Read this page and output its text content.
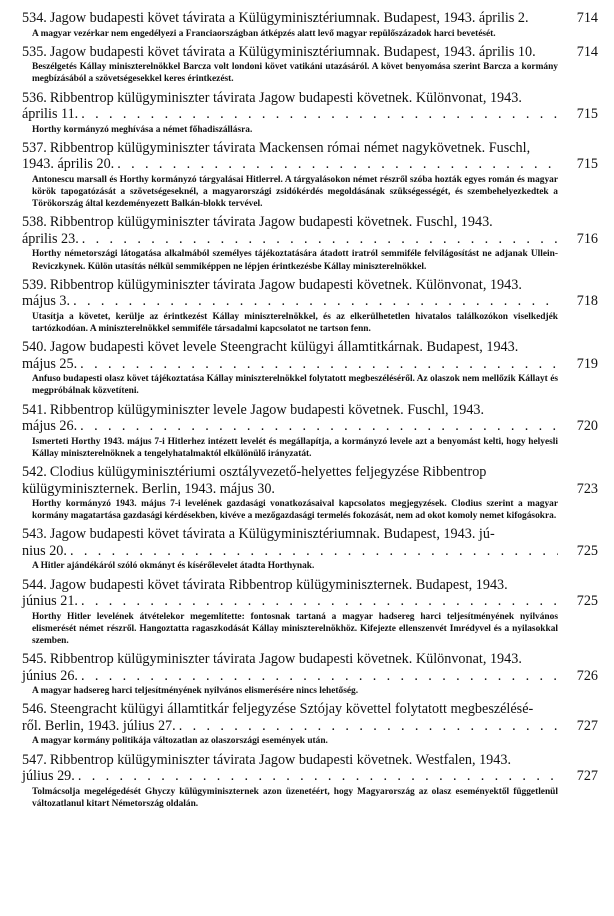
534. Jagow budapesti követ távirata a Külügyminisztériumnak. Budapest, 1943. április 2.	714
A magyar vezérkar nem engedélyezi a Franciaországban átképzés alatt levő magyar repülőszázadok harci bevetését.
535. Jagow budapesti követ távirata a Külügyminisztériumnak. Budapest, 1943. április 10.	714
Beszélgetés Kállay miniszterelnökkel Barcza volt londoni követ vatikáni utazásáról. A követ benyomása szerint Barcza a kormány megbízásából a szövetségesekkel keres érintkezést.
536. Ribbentrop külügyminiszter távirata Jagow budapesti követnek. Különvonat, 1943.
április 11. . . .	715
Horthy kormányzó meghívása a német főhadiszállásra.
537. Ribbentrop külügyminiszter távirata Mackensen római német nagykövetnek. Fuschl,
1943. április 20. . . .	715
Antonescu marsall és Horthy kormányzó tárgyalásai Hitlerrel. A tárgyalásokon német részről szóba hozták egyes román és magyar körök tapogatózását a szövetségeseknél, a magyarországi zsidókérdés megoldásának szükségességét, és szembehelyezkedtek a Törökország által kezdeményezett Balkán-blokk tervével.
538. Ribbentrop külügyminiszter távirata Jagow budapesti követnek. Fuschl, 1943.
április 23. . . .	716
Horthy németországi látogatása alkalmából személyes tájékoztatására átadott iratról semmiféle felvilágosítást ne adjanak Ullein-Reviczkynek. Külön utasítás nélkül semmiképpen ne lépjen érintkezésbe Kállay miniszterelnökkel.
539. Ribbentrop külügyminiszter távirata Jagow budapesti követnek. Különvonat, 1943.
május 3. . . .	718
Utasítja a követet, kerülje az érintkezést Kállay miniszterelnökkel, és az elkerülhetetlen hivatalos találkozókon viselkedjék tartózkodóan. A miniszterelnökkel semmiféle társadalmi kapcsolatot ne tartson fenn.
540. Jagow budapesti követ levele Steengracht külügyi államtitkárnak. Budapest, 1943.
május 25. . . .	719
Anfuso budapesti olasz követ tájékoztatása Kállay miniszterelnökkel folytatott megbeszéléséről. Az olaszok nem mellőzik Kállayt és megpróbálnak közvetíteni.
541. Ribbentrop külügyminiszter levele Jagow budapesti követnek. Fuschl, 1943.
május 26. . . .	720
Ismerteti Horthy 1943. május 7-i Hitlerhez intézett levelét és megállapítja, a kormányzó levele azt a benyomást kelti, hogy helyesli Kállay miniszterelnöknek a tengelyhatalmaktól elkülönülő irányzatát.
542. Clodius külügyminisztériumi osztályvezető-helyettes feljegyzése Ribbentrop külügyminiszternek. Berlin, 1943. május 30.	723
Horthy kormányzó 1943. május 7-i levelének gazdasági vonatkozásaival kapcsolatos megjegyzések. Clodius szerint a magyar kormány magatartása gazdasági kérdésekben, kivéve a mezőgazdasági termelés fokozását, nem ad okot komoly nemet kifogásokra.
543. Jagow budapesti követ távirata a Külügyminisztériumnak. Budapest, 1943. jú-
nius 20. . . .	725
A Hitler ajándékáról szóló okmányt és kísérőlevelet átadta Horthynak.
544. Jagow budapesti követ távirata Ribbentrop külügyminiszternek. Budapest, 1943.
június 21. . . .	725
Horthy Hitler levelének átvételekor megemlítette: fontosnak tartaná a magyar hadsereg harci teljesítményének nyilvános elismerését német részről. Hangoztatta ragaszkodását Kállay miniszterelnökhöz. Kifejezte ellenszenvét Imrédyvel és a nyilasokkal szemben.
545. Ribbentrop külügyminiszter távirata Jagow budapesti követnek. Különvonat, 1943.
június 26. . . .	726
A magyar hadsereg harci teljesítményének nyilvános elismerésére nincs lehetőség.
546. Steengracht külügyi államtitkár feljegyzése Sztójay követtel folytatott megbeszélésé-
ről. Berlin, 1943. július 27. . . .	727
A magyar kormány politikája változatlan az olaszországi események után.
547. Ribbentrop külügyminiszter távirata Jagow budapesti követnek. Westfalen, 1943.
július 29. . . .	727
Tolmácsolja megelégedését Ghyczy külügyminiszternek azon üzenetéért, hogy Magyarország az olasz eseményektől függetlenül változatlanul kitart Németország oldalán.
